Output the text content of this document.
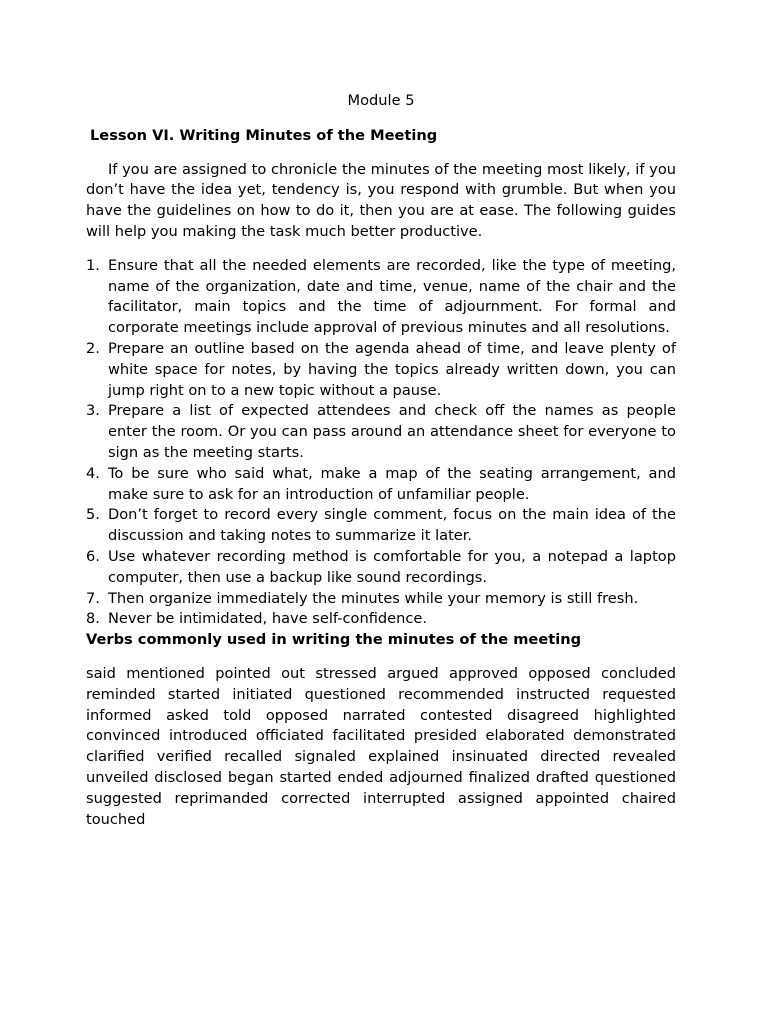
Module 5

Lesson VI. Writing Minutes of the Meeting

If you are assigned to chronicle the minutes of the meeting most likely, if you don’t have the idea yet, tendency is, you respond with grumble. But when you have the guidelines on how to do it, then you are at ease. The following guides will help you making the task much better productive.

1. Ensure that all the needed elements are recorded, like the type of meeting, name of the organization, date and time, venue, name of the chair and the facilitator, main topics and the time of adjournment. For formal and corporate meetings include approval of previous minutes and all resolutions.
2. Prepare an outline based on the agenda ahead of time, and leave plenty of white space for notes, by having the topics already written down, you can jump right on to a new topic without a pause.
3. Prepare a list of expected attendees and check off the names as people enter the room. Or you can pass around an attendance sheet for everyone to sign as the meeting starts.
4. To be sure who said what, make a map of the seating arrangement, and make sure to ask for an introduction of unfamiliar people.
5. Don’t forget to record every single comment, focus on the main idea of the discussion and taking notes to summarize it later.
6. Use whatever recording method is comfortable for you, a notepad a laptop computer, then use a backup like sound recordings.
7. Then organize immediately the minutes while your memory is still fresh.
8. Never be intimidated, have self-confidence.

Verbs commonly used in writing the minutes of the meeting

said mentioned pointed out stressed argued approved opposed concluded reminded started initiated questioned recommended instructed requested informed asked told opposed narrated contested disagreed highlighted convinced introduced officiated facilitated presided elaborated demonstrated clarified verified recalled signaled explained insinuated directed revealed unveiled disclosed began started ended adjourned finalized drafted questioned suggested reprimanded corrected interrupted assigned appointed chaired touched
